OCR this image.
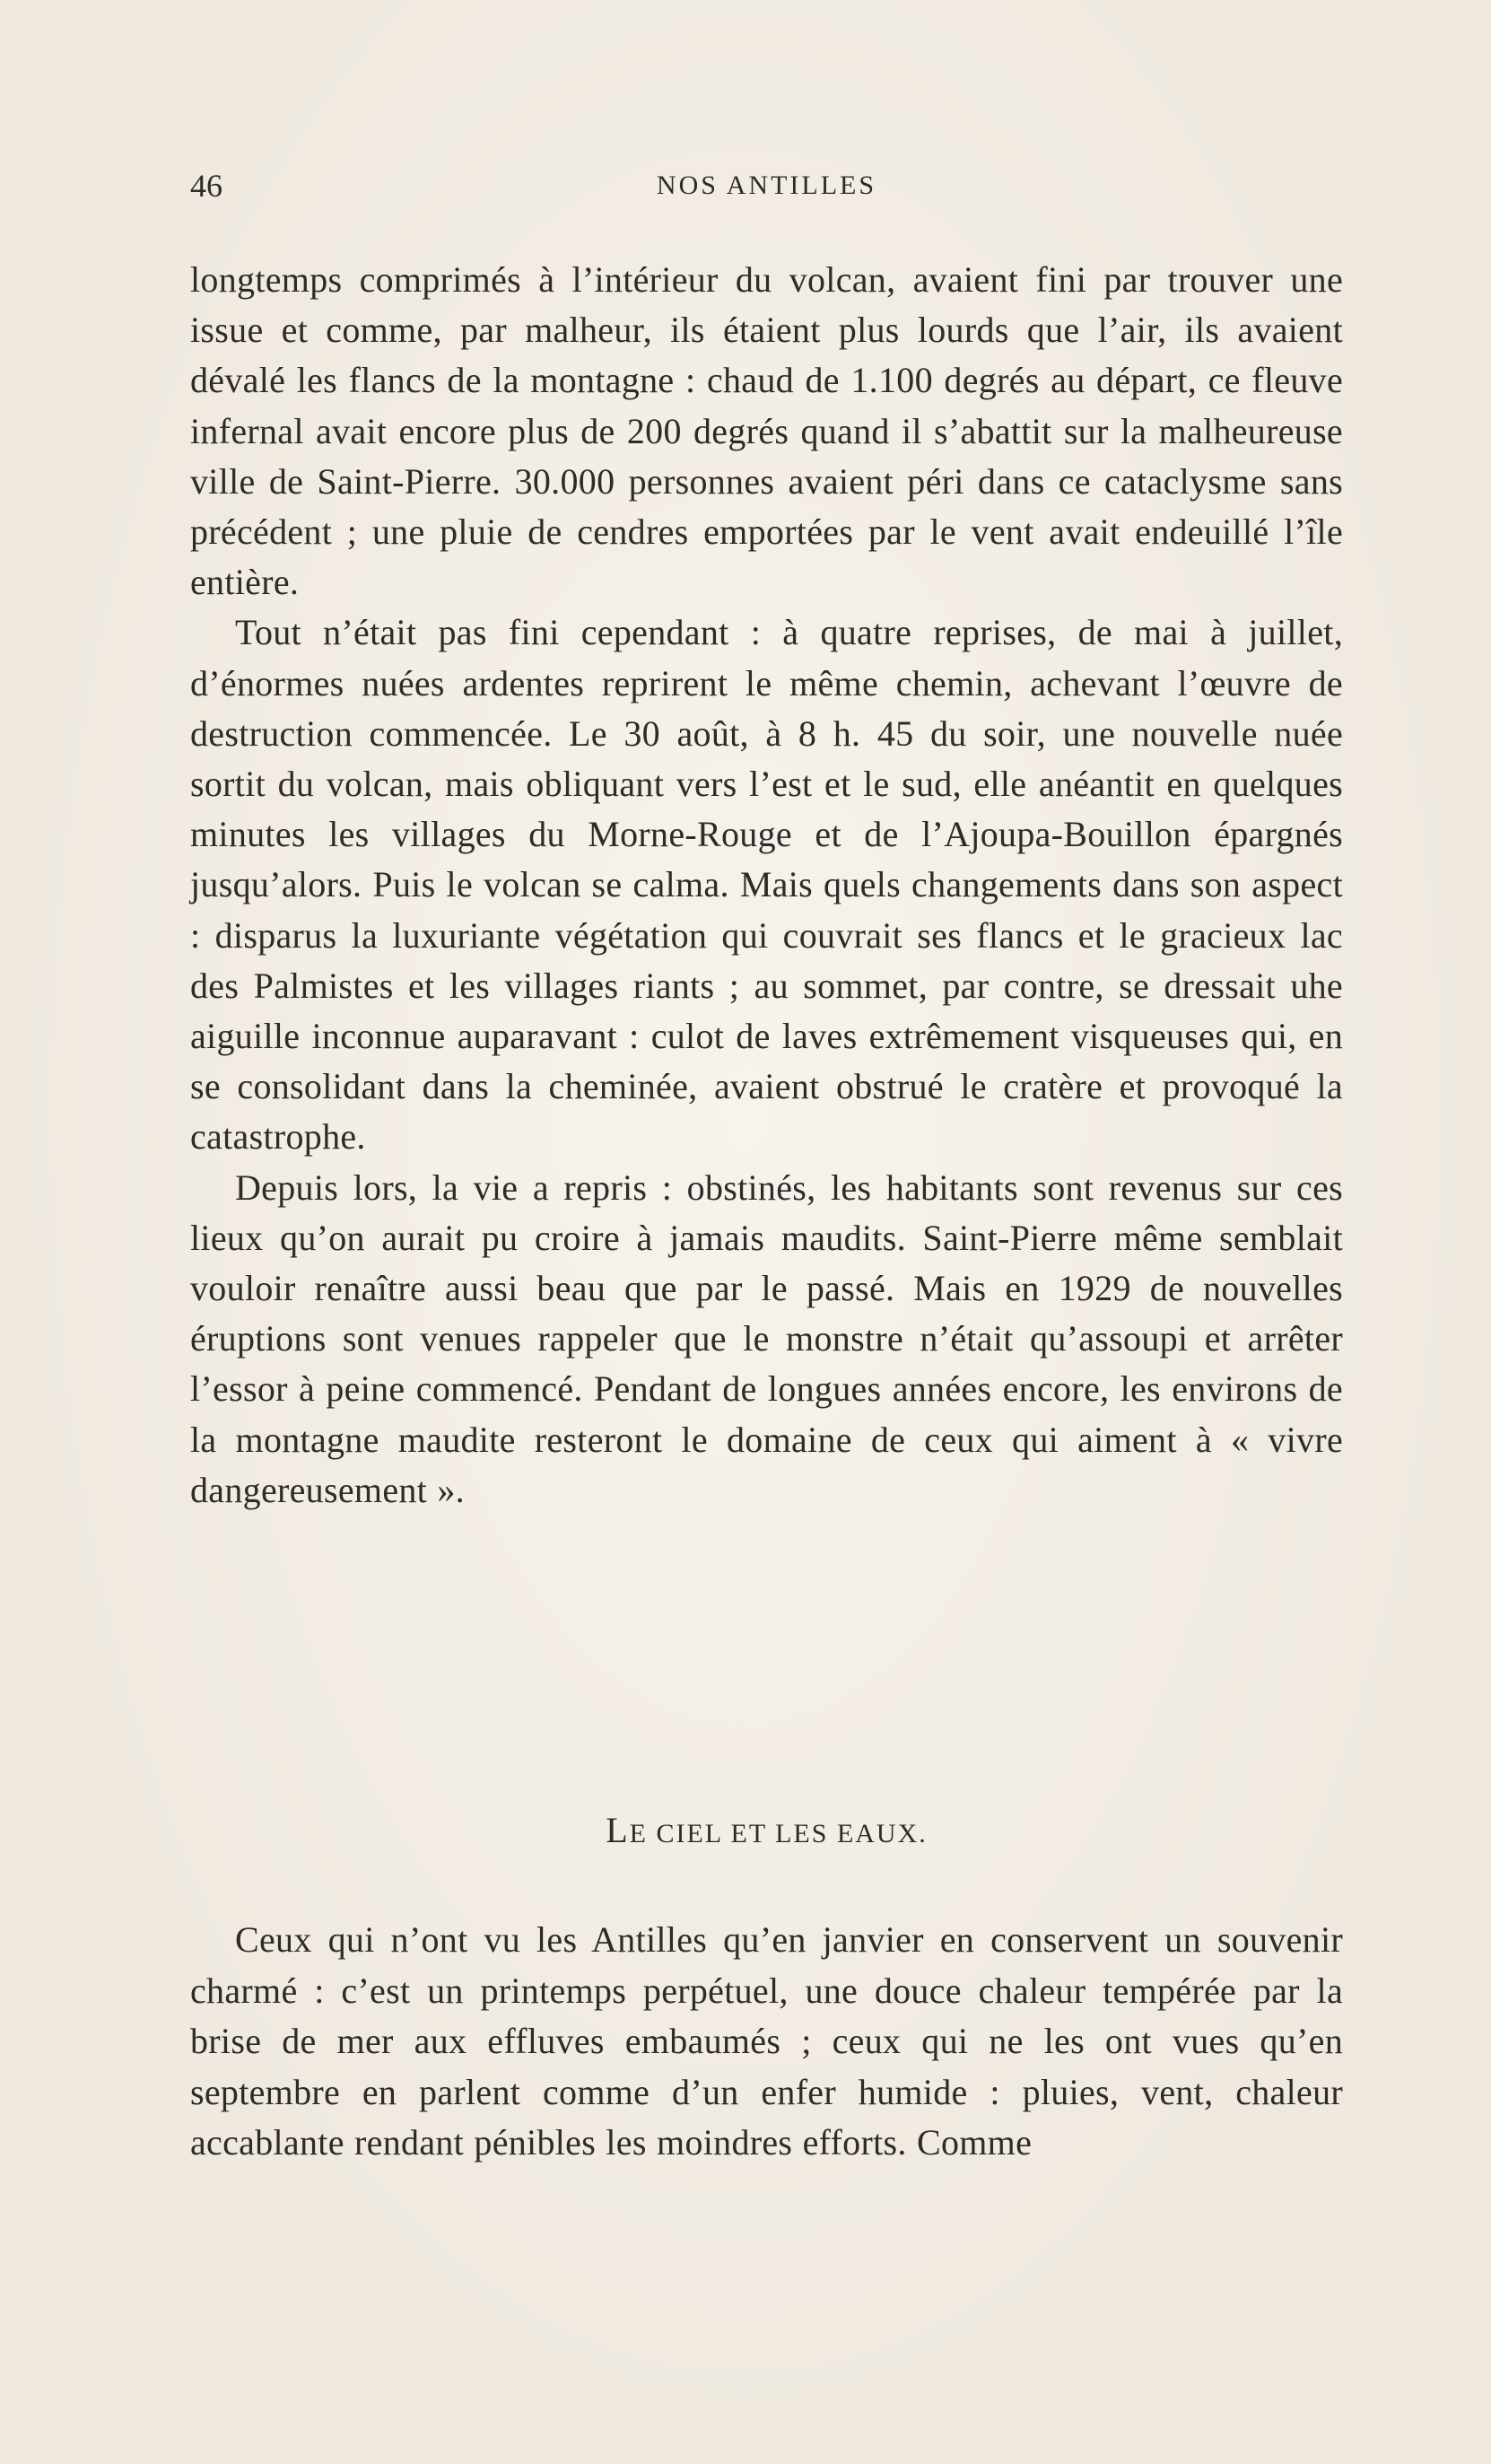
46	NOS ANTILLES

longtemps comprimés à l’intérieur du volcan, avaient fini par trouver une issue et comme, par malheur, ils étaient plus lourds que l’air, ils avaient dévalé les flancs de la montagne : chaud de 1.100 degrés au départ, ce fleuve infernal avait encore plus de 200 degrés quand il s’abattit sur la malheureuse ville de Saint-Pierre. 30.000 personnes avaient péri dans ce cataclysme sans précédent ; une pluie de cendres emportées par le vent avait endeuillé l’île entière.

Tout n’était pas fini cependant : à quatre reprises, de mai à juillet, d’énormes nuées ardentes reprirent le même chemin, achevant l’œuvre de destruction commencée. Le 30 août, à 8 h. 45 du soir, une nouvelle nuée sortit du volcan, mais obliquant vers l’est et le sud, elle anéantit en quelques minutes les villages du Morne-Rouge et de l’Ajoupa-Bouillon épargnés jusqu’alors. Puis le volcan se calma. Mais quels changements dans son aspect : disparus la luxuriante végétation qui couvrait ses flancs et le gracieux lac des Palmistes et les villages riants ; au sommet, par contre, se dressait uhe aiguille inconnue auparavant : culot de laves extrêmement visqueuses qui, en se consolidant dans la cheminée, avaient obstrué le cratère et provoqué la catastrophe.

Depuis lors, la vie a repris : obstinés, les habitants sont revenus sur ces lieux qu’on aurait pu croire à jamais maudits. Saint-Pierre même semblait vouloir renaître aussi beau que par le passé. Mais en 1929 de nouvelles éruptions sont venues rappeler que le monstre n’était qu’assoupi et arrêter l’essor à peine commencé. Pendant de longues années encore, les environs de la montagne maudite resteront le domaine de ceux qui aiment à « vivre dangereusement ».

LE CIEL ET LES EAUX.

Ceux qui n’ont vu les Antilles qu’en janvier en conservent un souvenir charmé : c’est un printemps perpétuel, une douce chaleur tempérée par la brise de mer aux effluves embaumés ; ceux qui ne les ont vues qu’en septembre en parlent comme d’un enfer humide : pluies, vent, chaleur accablante rendant pénibles les moindres efforts. Comme
